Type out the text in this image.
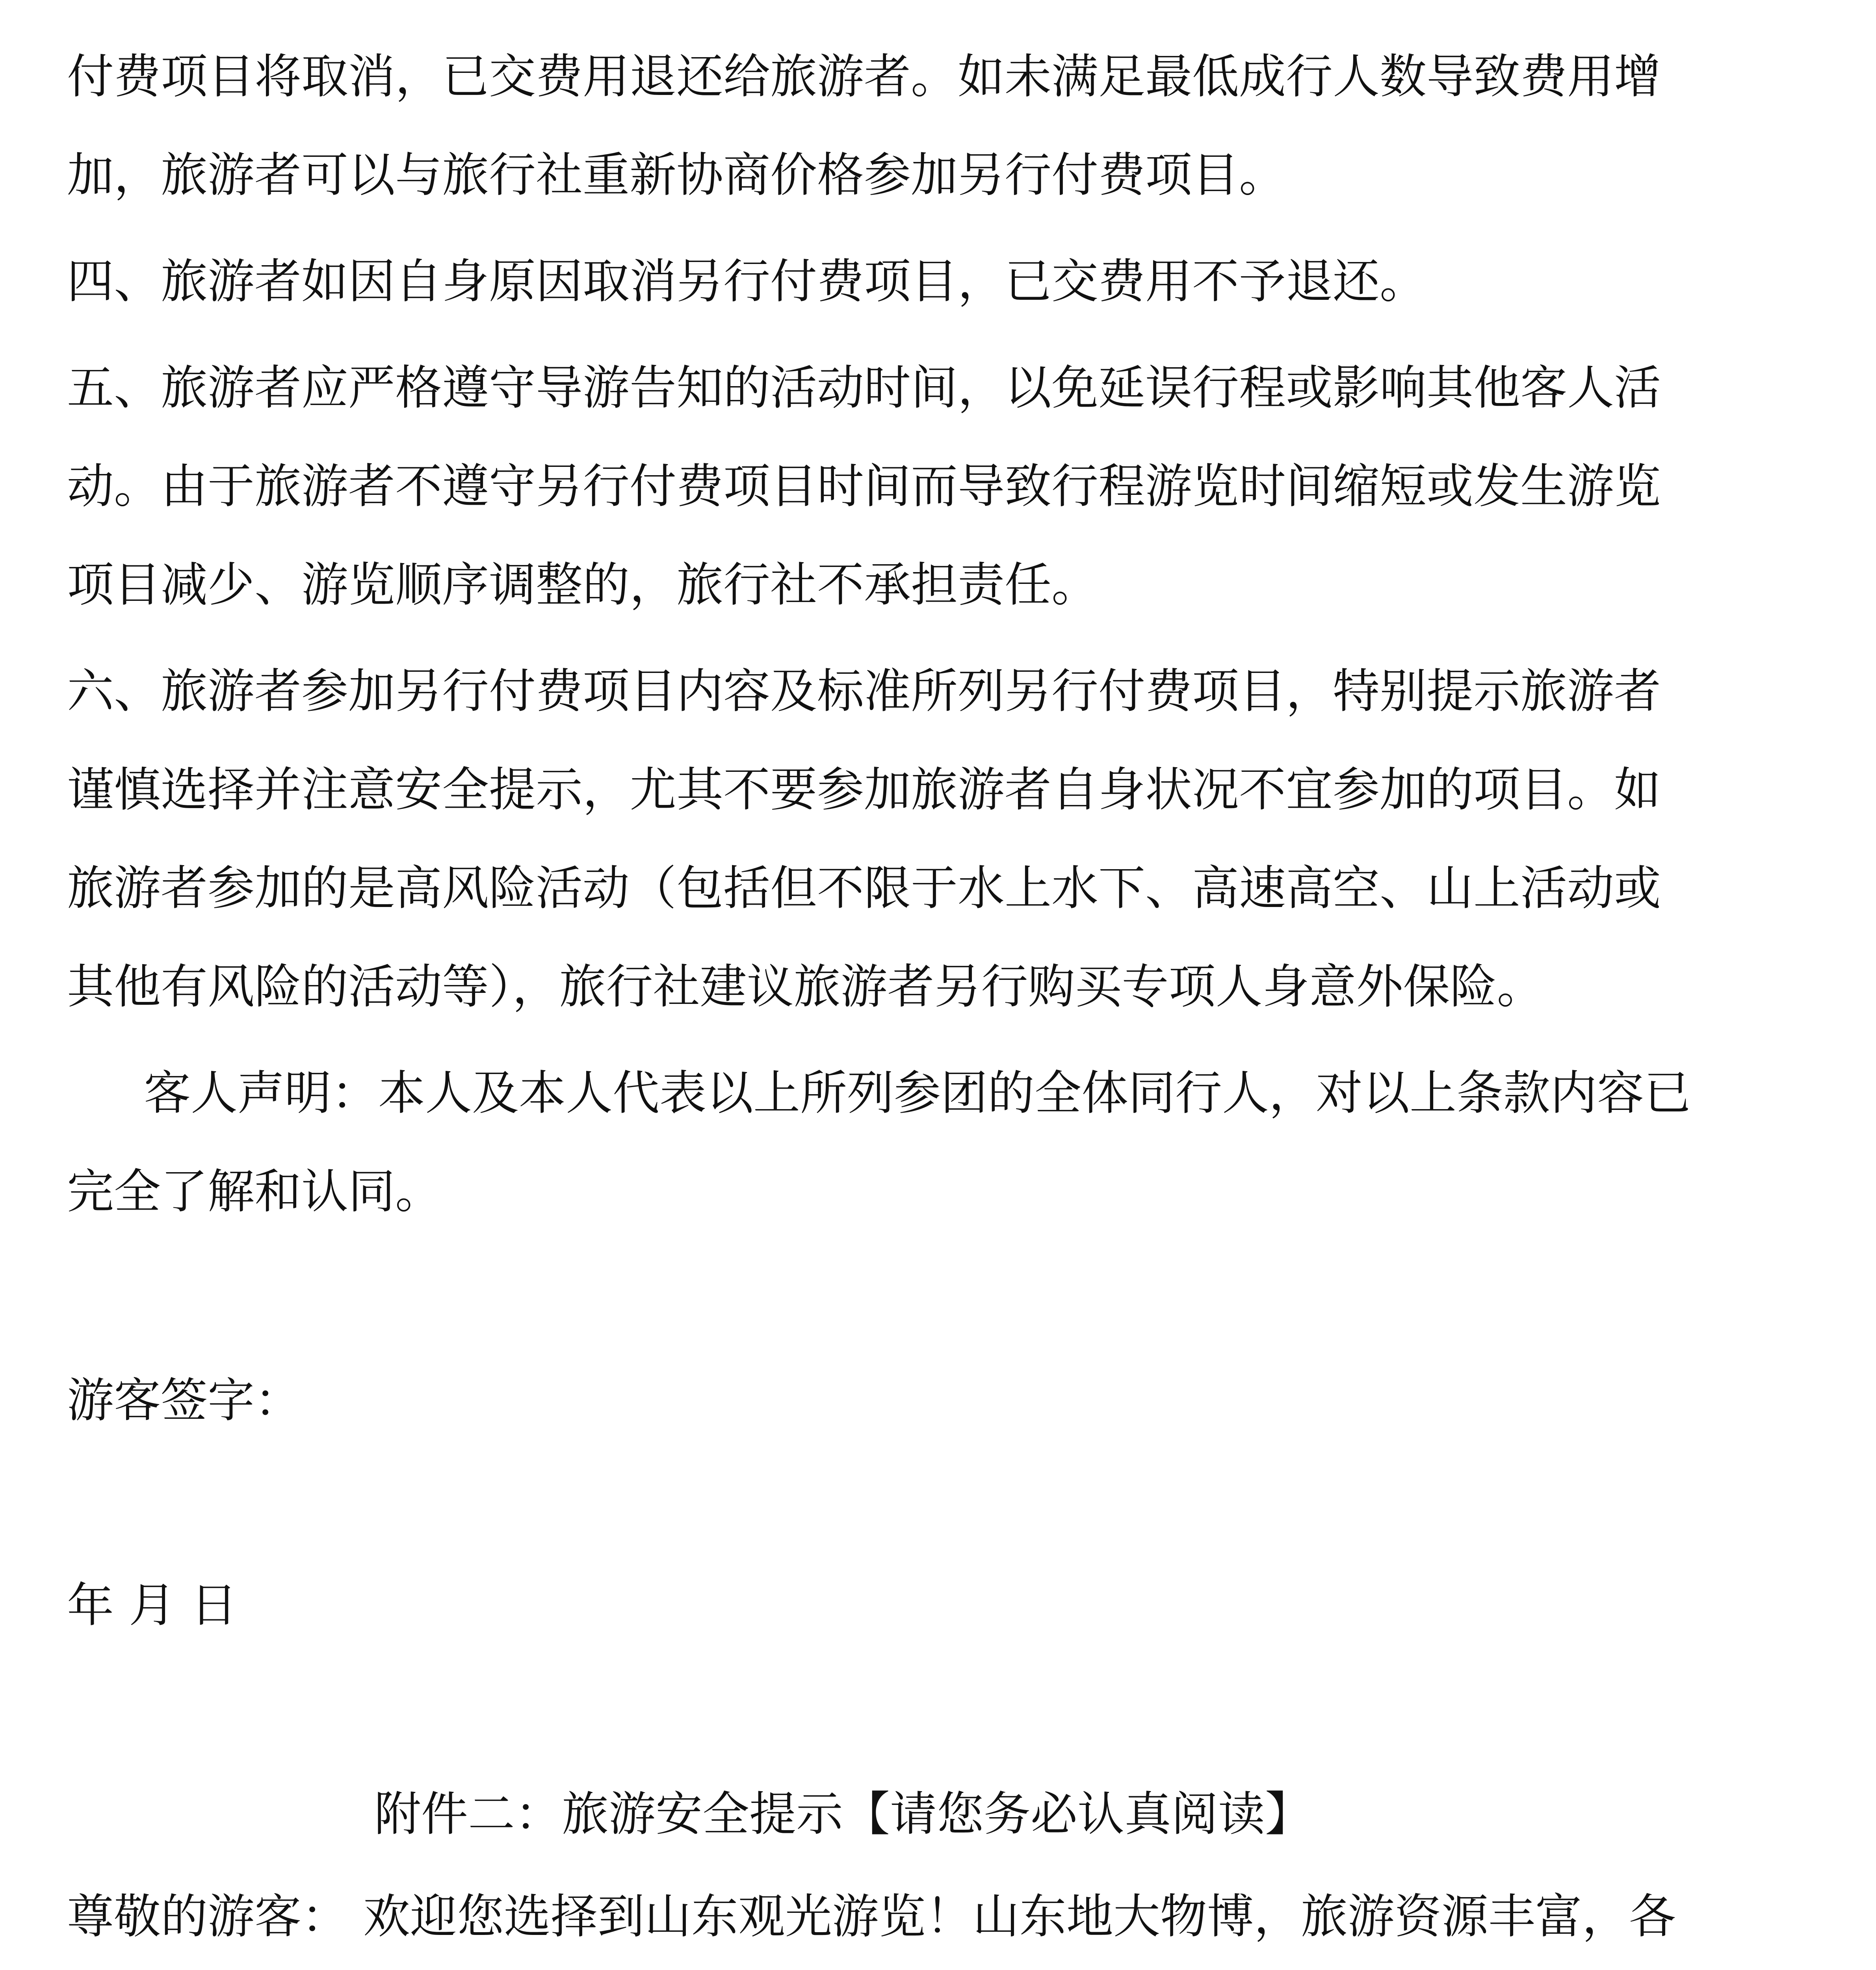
付费项目将取消，已交费用退还给旅游者。如未满足最低成行人数导致费用增

加，旅游者可以与旅行社重新协商价格参加另行付费项目。

四、旅游者如因自身原因取消另行付费项目，已交费用不予退还。

五、旅游者应严格遵守导游告知的活动时间，以免延误行程或影响其他客人活

动。由于旅游者不遵守另行付费项目时间而导致行程游览时间缩短或发生游览

项目减少、游览顺序调整的，旅行社不承担责任。

六、旅游者参加另行付费项目内容及标准所列另行付费项目，特别提示旅游者

谨慎选择并注意安全提示，尤其不要参加旅游者自身状况不宜参加的项目。如

旅游者参加的是高风险活动（包括但不限于水上水下、高速高空、山上活动或

其他有风险的活动等），旅行社建议旅游者另行购买专项人身意外保险。

客人声明：本人及本人代表以上所列参团的全体同行人，对以上条款内容已

完全了解和认同。

游客签字：

年 月 日

附件二：旅游安全提示【请您务必认真阅读】

尊敬的游客： 欢迎您选择到山东观光游览！山东地大物博，旅游资源丰富，各
